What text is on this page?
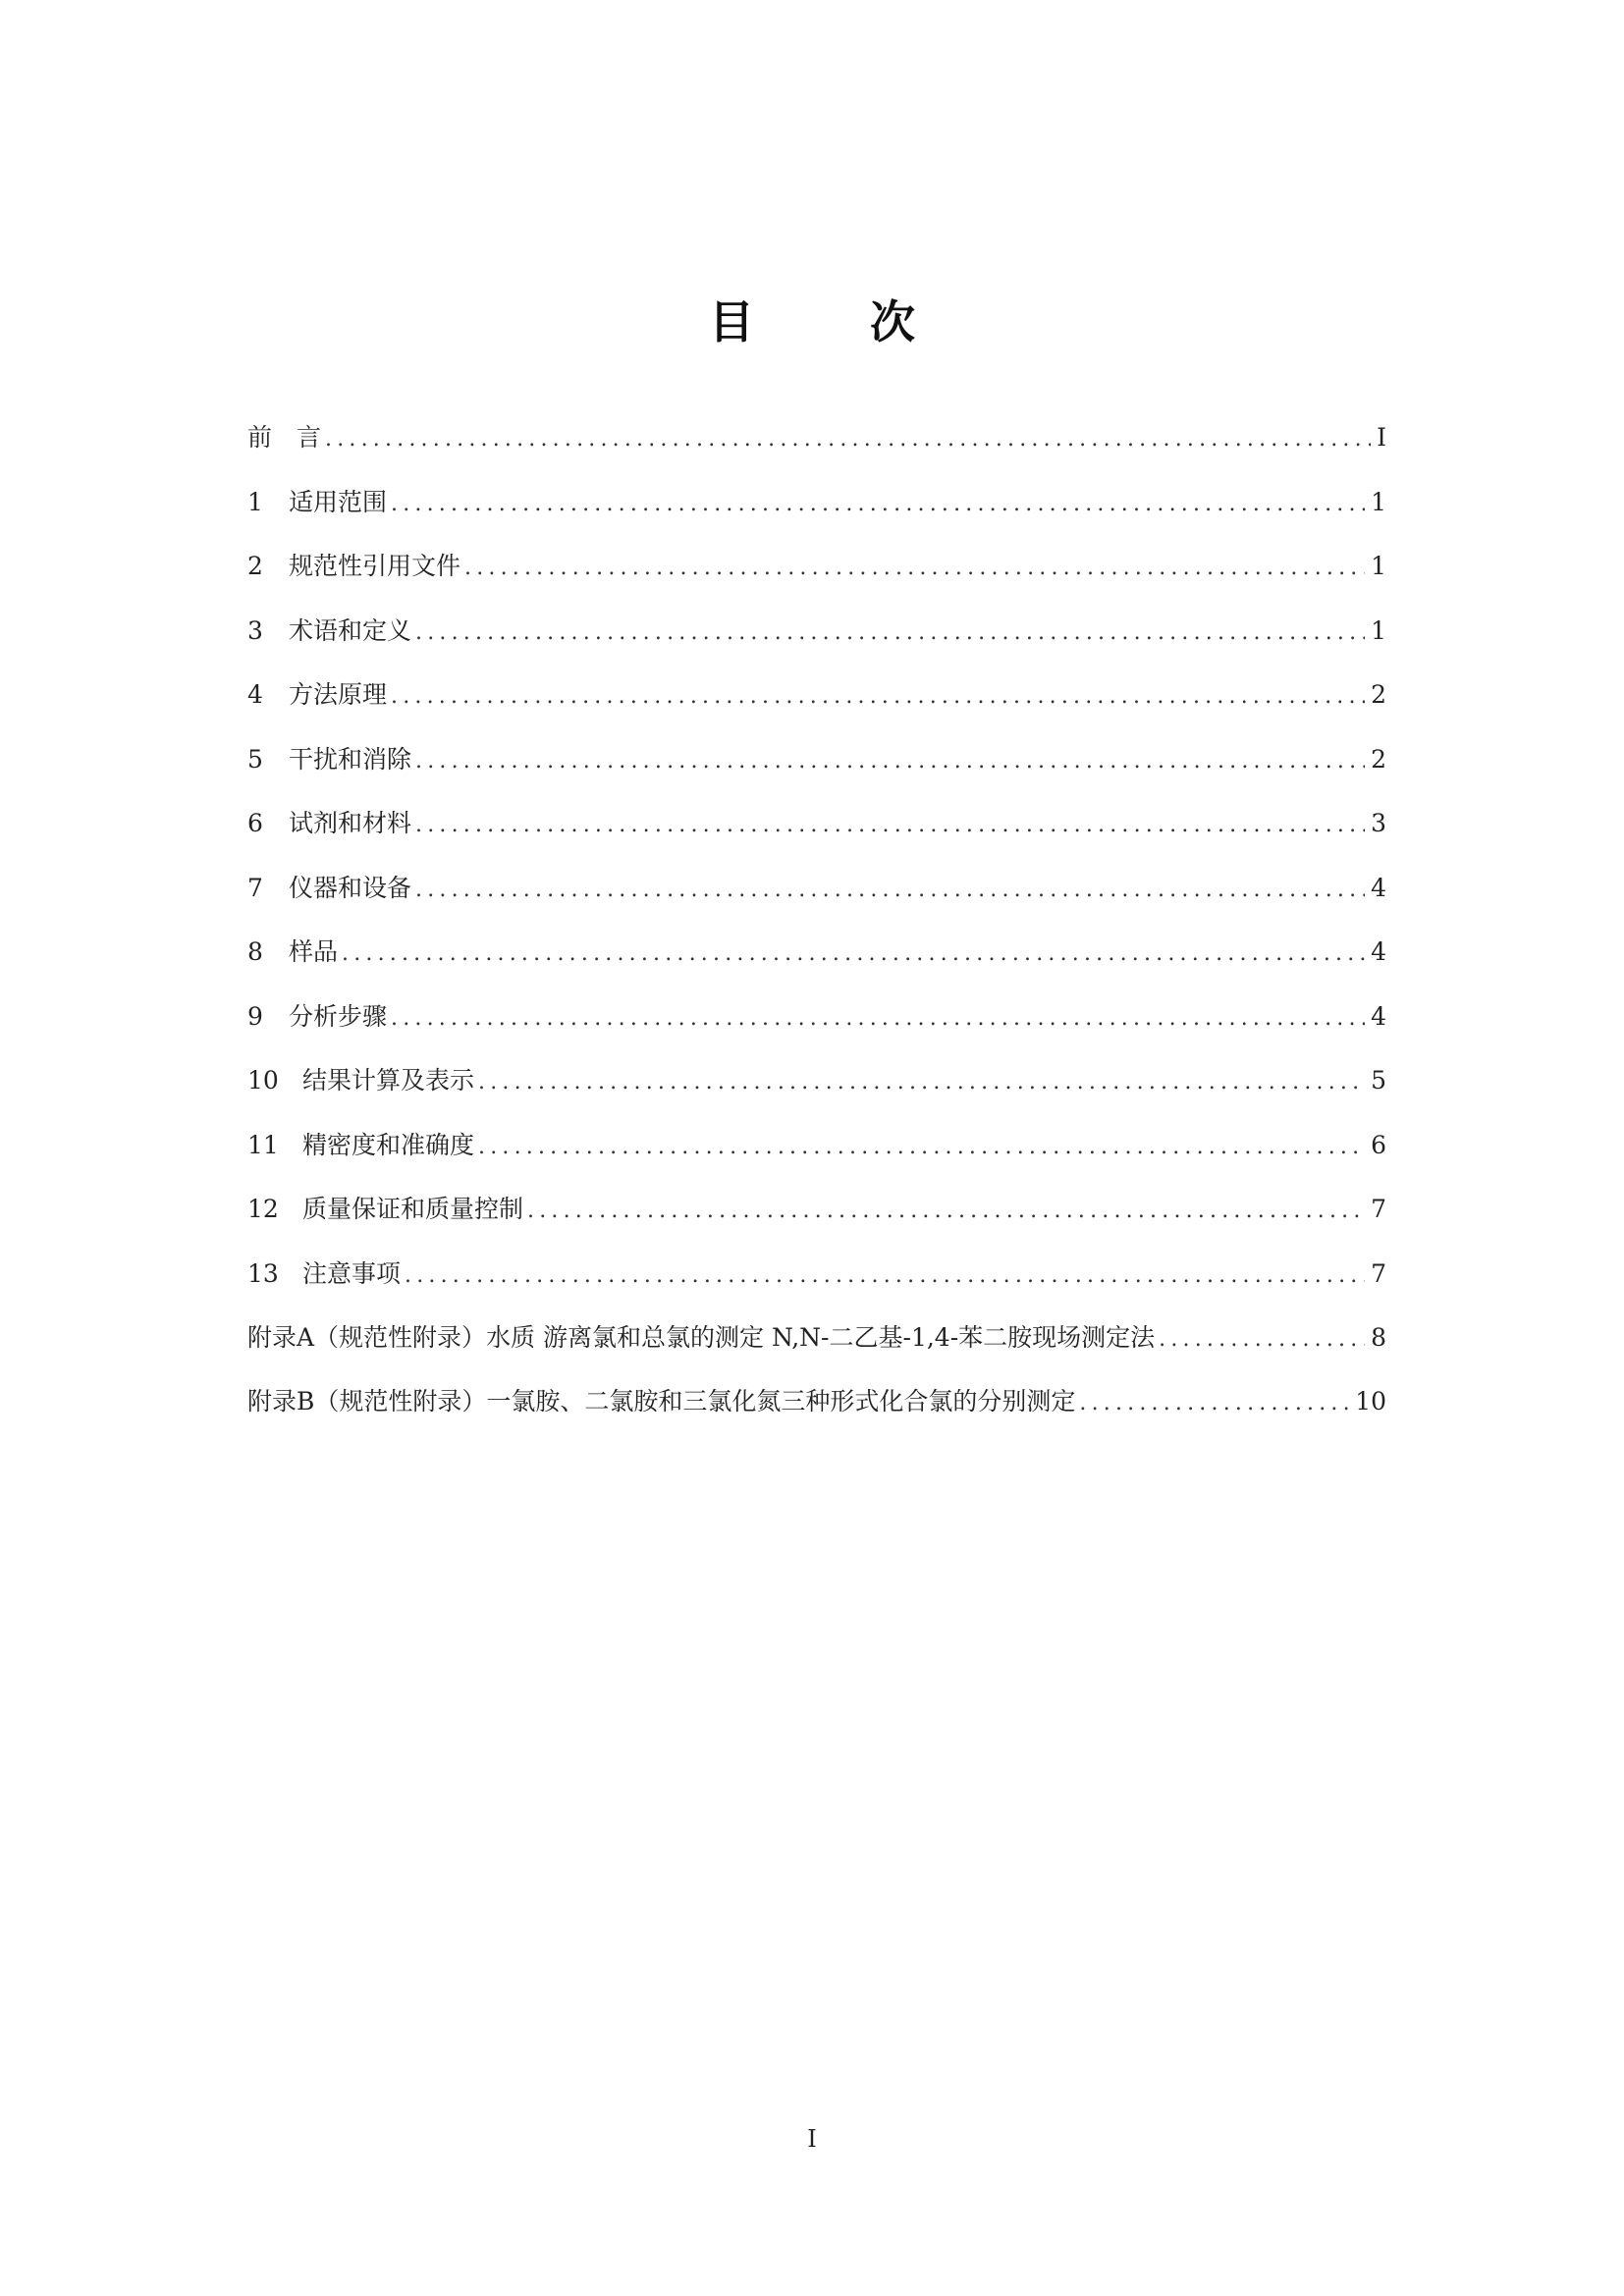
目　次
前　言 .....	I
1	适用范围 .....	1
2	规范性引用文件 .....	1
3	术语和定义 .....	1
4	方法原理 .....	2
5	干扰和消除 .....	2
6	试剂和材料 .....	3
7	仪器和设备 .....	4
8	样品 .....	4
9	分析步骤 .....	4
10 结果计算及表示 .....	5
11 精密度和准确度 .....	6
12 质量保证和质量控制 .....	7
13 注意事项 .....	7
附录A（规范性附录）水质 游离氯和总氯的测定 N,N-二乙基-1,4-苯二胺现场测定法 .....	8
附录B（规范性附录）一氯胺、二氯胺和三氯化氮三种形式化合氯的分别测定 .....	10
I
